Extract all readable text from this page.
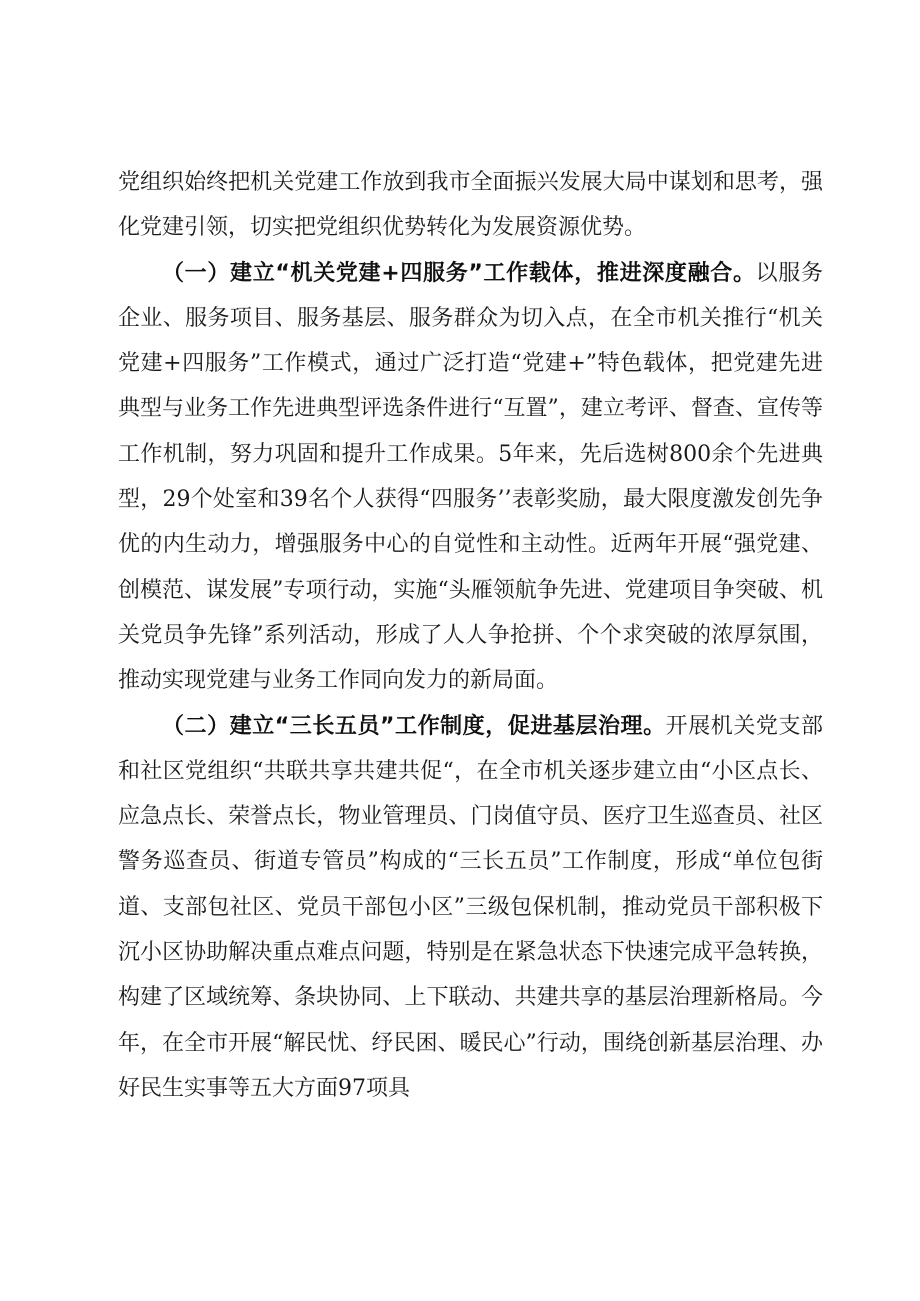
党组织始终把机关党建工作放到我市全面振兴发展大局中谋划和思考，强化党建引领，切实把党组织优势转化为发展资源优势。

（一）建立“机关党建+四服务”工作载体，推进深度融合。以服务企业、服务项目、服务基层、服务群众为切入点，在全市机关推行“机关党建+四服务”工作模式，通过广泛打造“党建+”特色载体，把党建先进典型与业务工作先进典型评选条件进行“互置”，建立考评、督查、宣传等工作机制，努力巩固和提升工作成果。5年来，先后选树800余个先进典型，29个处室和39名个人获得“四服务’’表彰奖励，最大限度激发创先争优的内生动力，增强服务中心的自觉性和主动性。近两年开展“强党建、创模范、谋发展”专项行动，实施“头雁领航争先进、党建项目争突破、机关党员争先锋”系列活动，形成了人人争抢拼、个个求突破的浓厚氛围，推动实现党建与业务工作同向发力的新局面。

（二）建立“三长五员”工作制度，促进基层治理。开展机关党支部和社区党组织“共联共享共建共促“，在全市机关逐步建立由“小区点长、应急点长、荣誉点长，物业管理员、门岗值守员、医疗卫生巡查员、社区警务巡查员、街道专管员”构成的“三长五员”工作制度，形成“单位包街道、支部包社区、党员干部包小区”三级包保机制，推动党员干部积极下沉小区协助解决重点难点问题，特别是在紧急状态下快速完成平急转换，构建了区域统筹、条块协同、上下联动、共建共享的基层治理新格局。今年，在全市开展“解民忧、纾民困、暖民心”行动，围绕创新基层治理、办好民生实事等五大方面97项具
